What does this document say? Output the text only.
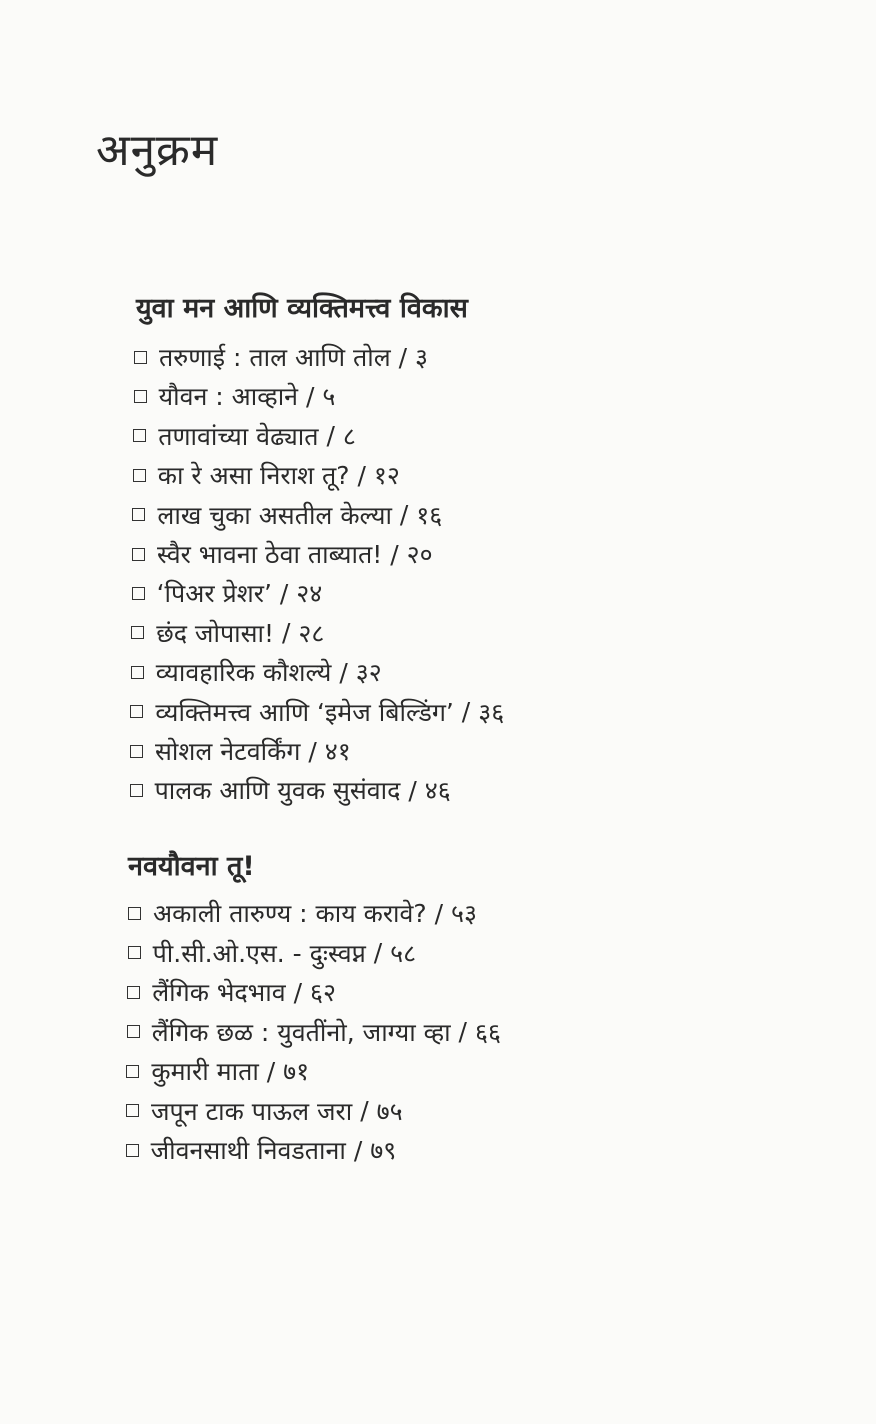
अनुक्रम
युवा मन आणि व्यक्तिमत्त्व विकास
तरुणाई : ताल आणि तोल / ३
यौवन : आव्हाने / ५
तणावांच्या वेढ्यात / ८
का रे असा निराश तू? / १२
लाख चुका असतील केल्या / १६
स्वैर भावना ठेवा ताब्यात! / २०
‘पिअर प्रेशर’ / २४
छंद जोपासा! / २८
व्यावहारिक कौशल्ये / ३२
व्यक्तिमत्त्व आणि ‘इमेज बिल्डिंग’ / ३६
सोशल नेटवर्किंग / ४१
पालक आणि युवक सुसंवाद / ४६
नवयौवना तू!
अकाली तारुण्य : काय करावे? / ५३
पी.सी.ओ.एस. - दुःस्वप्न / ५८
लैंगिक भेदभाव / ६२
लैंगिक छळ : युवतींनो, जाग्या व्हा / ६६
कुमारी माता / ७१
जपून टाक पाऊल जरा / ७५
जीवनसाथी निवडताना / ७९
